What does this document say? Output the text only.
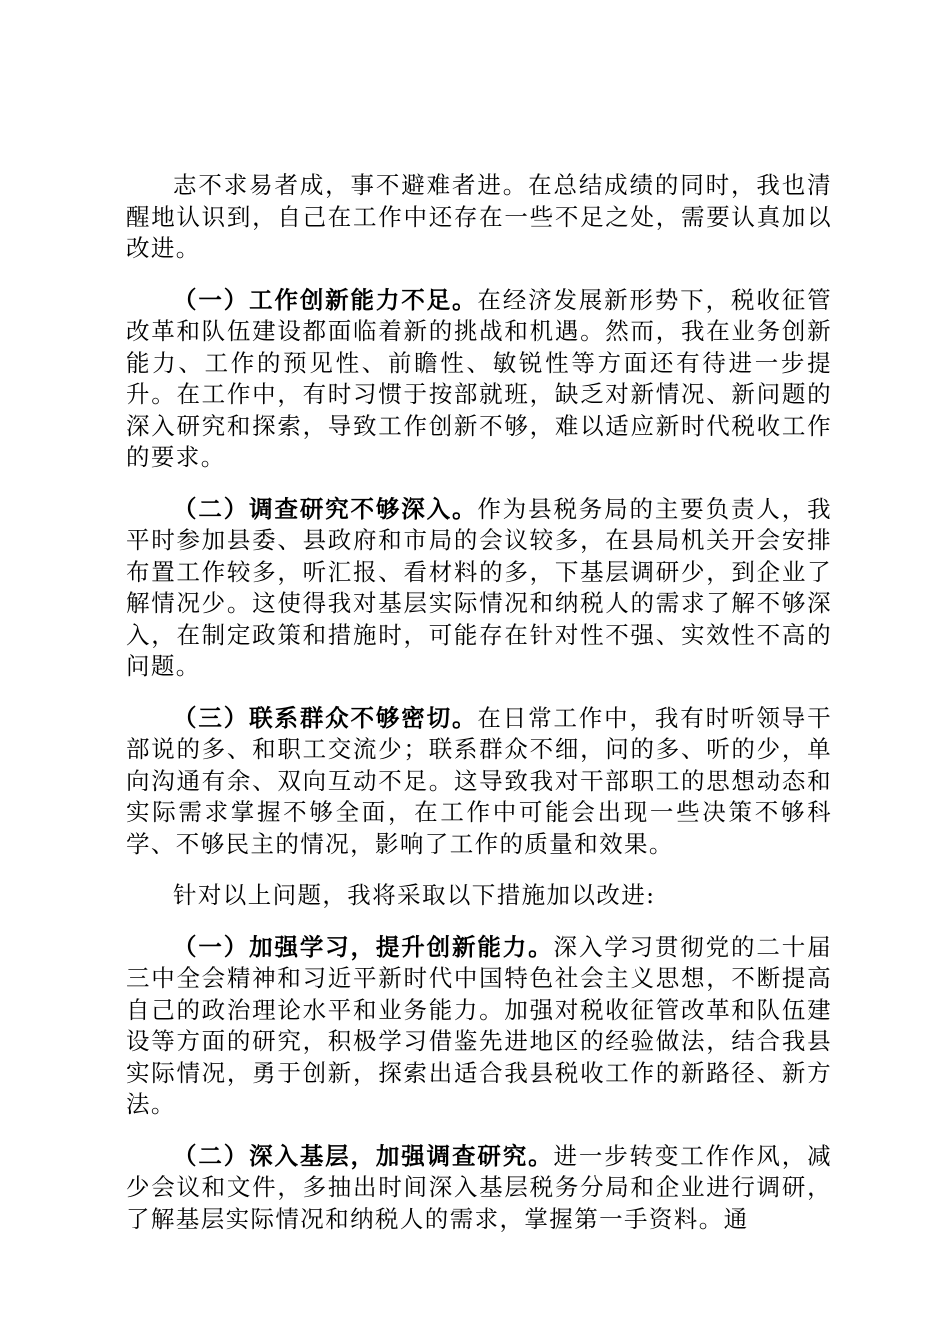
志不求易者成，事不避难者进。在总结成绩的同时，我也清醒地认识到，自己在工作中还存在一些不足之处，需要认真加以改进。

（一）工作创新能力不足。在经济发展新形势下，税收征管改革和队伍建设都面临着新的挑战和机遇。然而，我在业务创新能力、工作的预见性、前瞻性、敏锐性等方面还有待进一步提升。在工作中，有时习惯于按部就班，缺乏对新情况、新问题的深入研究和探索，导致工作创新不够，难以适应新时代税收工作的要求。

（二）调查研究不够深入。作为县税务局的主要负责人，我平时参加县委、县政府和市局的会议较多，在县局机关开会安排布置工作较多，听汇报、看材料的多，下基层调研少，到企业了解情况少。这使得我对基层实际情况和纳税人的需求了解不够深入，在制定政策和措施时，可能存在针对性不强、实效性不高的问题。

（三）联系群众不够密切。在日常工作中，我有时听领导干部说的多、和职工交流少；联系群众不细，问的多、听的少，单向沟通有余、双向互动不足。这导致我对干部职工的思想动态和实际需求掌握不够全面，在工作中可能会出现一些决策不够科学、不够民主的情况，影响了工作的质量和效果。

针对以上问题，我将采取以下措施加以改进:

（一）加强学习，提升创新能力。深入学习贯彻党的二十届三中全会精神和习近平新时代中国特色社会主义思想，不断提高自己的政治理论水平和业务能力。加强对税收征管改革和队伍建设等方面的研究，积极学习借鉴先进地区的经验做法，结合我县实际情况，勇于创新，探索出适合我县税收工作的新路径、新方法。

（二）深入基层，加强调查研究。进一步转变工作作风，减少会议和文件，多抽出时间深入基层税务分局和企业进行调研，了解基层实际情况和纳税人的需求，掌握第一手资料。通
